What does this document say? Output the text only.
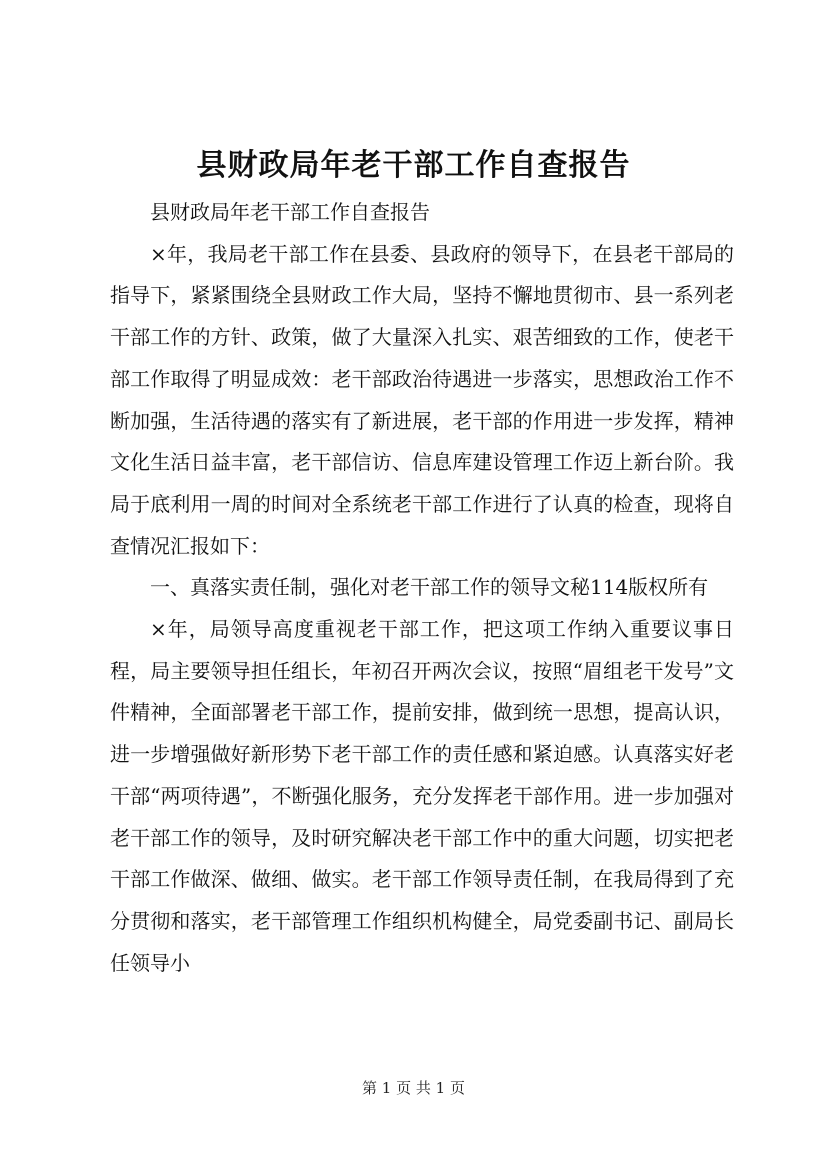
县财政局年老干部工作自查报告

县财政局年老干部工作自查报告

×年，我局老干部工作在县委、县政府的领导下，在县老干部局的指导下，紧紧围绕全县财政工作大局，坚持不懈地贯彻市、县一系列老干部工作的方针、政策，做了大量深入扎实、艰苦细致的工作，使老干部工作取得了明显成效：老干部政治待遇进一步落实，思想政治工作不断加强，生活待遇的落实有了新进展，老干部的作用进一步发挥，精神文化生活日益丰富，老干部信访、信息库建设管理工作迈上新台阶。我局于底利用一周的时间对全系统老干部工作进行了认真的检查，现将自查情况汇报如下：

一、真落实责任制，强化对老干部工作的领导文秘114版权所有

×年，局领导高度重视老干部工作，把这项工作纳入重要议事日程，局主要领导担任组长，年初召开两次会议，按照“眉组老干发号”文件精神，全面部署老干部工作，提前安排，做到统一思想，提高认识，进一步增强做好新形势下老干部工作的责任感和紧迫感。认真落实好老干部“两项待遇”，不断强化服务，充分发挥老干部作用。进一步加强对老干部工作的领导，及时研究解决老干部工作中的重大问题，切实把老干部工作做深、做细、做实。老干部工作领导责任制，在我局得到了充分贯彻和落实，老干部管理工作组织机构健全，局党委副书记、副局长任领导小

第 1 页 共 1 页
